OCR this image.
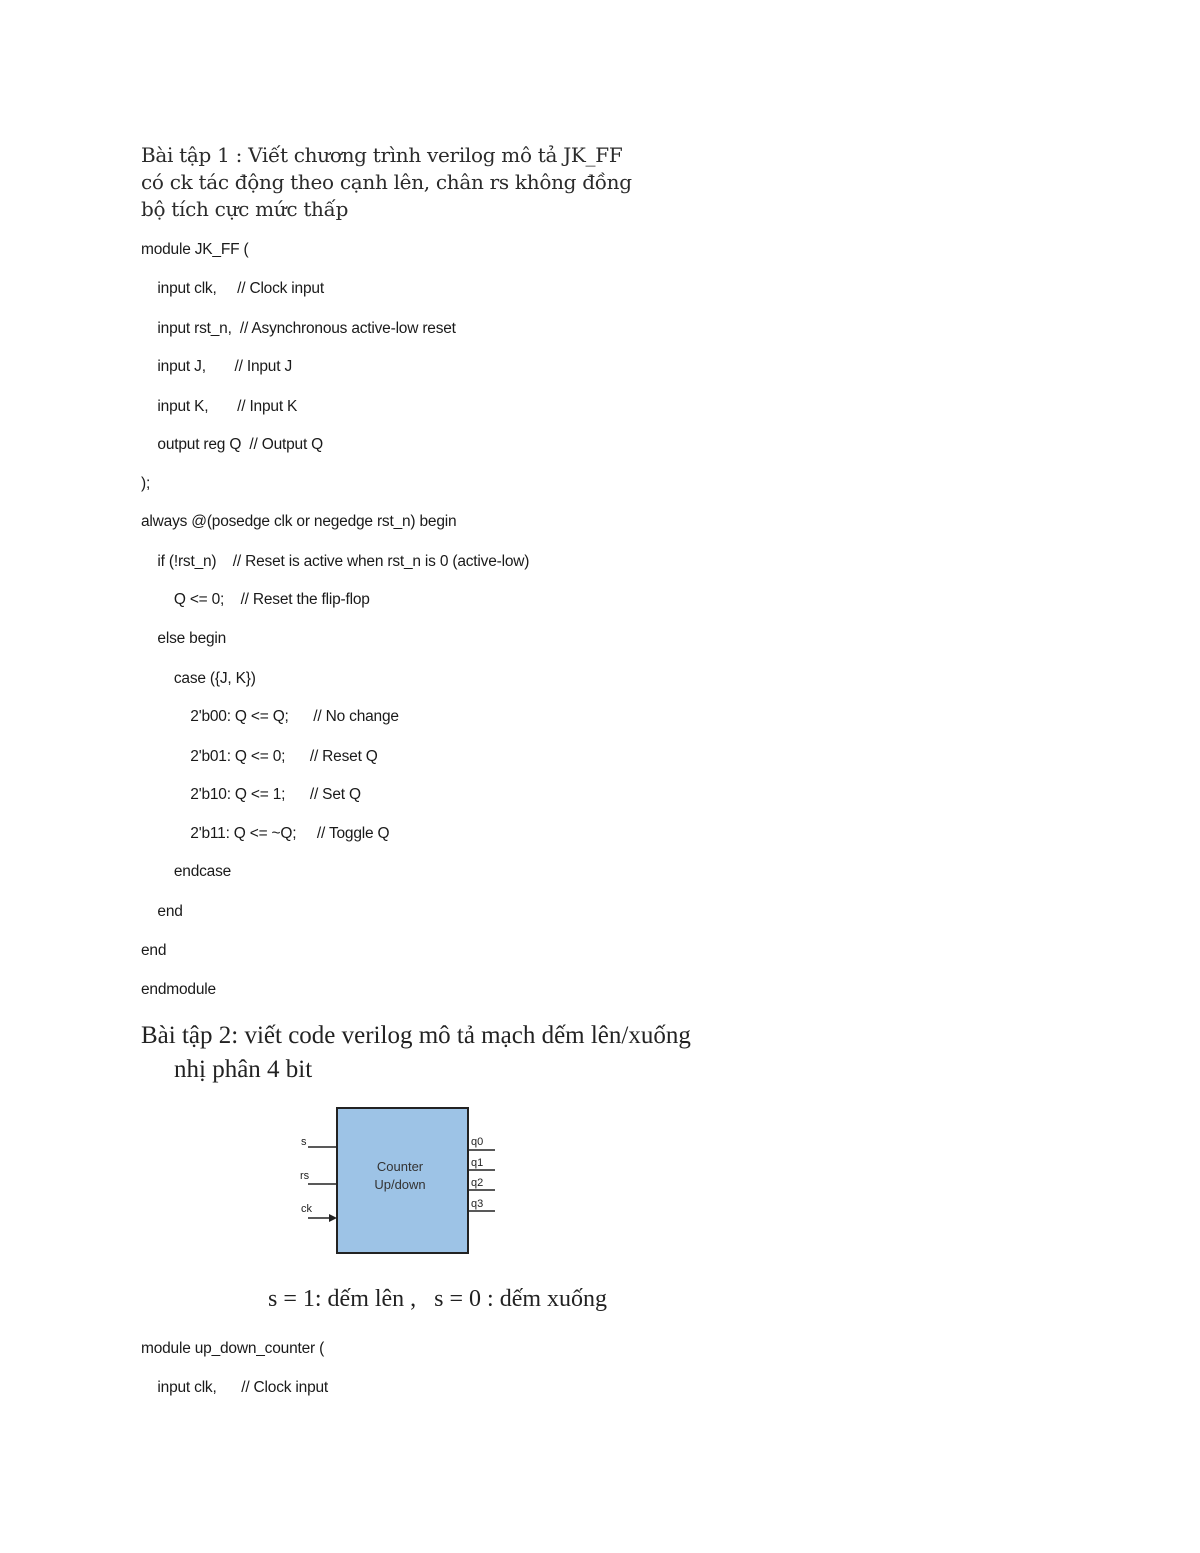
Bài tập 1 : Viết chương trình verilog mô tả JK_FF
có ck tác động theo cạnh lên, chân rs không đồng
bộ tích cực mức thấp
module JK_FF (
input clk,     // Clock input
input rst_n,  // Asynchronous active-low reset
input J,       // Input J
input K,       // Input K
output reg Q  // Output Q
);
always @(posedge clk or negedge rst_n) begin
if (!rst_n)    // Reset is active when rst_n is 0 (active-low)
Q <= 0;    // Reset the flip-flop
else begin
case ({J, K})
2'b00: Q <= Q;      // No change
2'b01: Q <= 0;      // Reset Q
2'b10: Q <= 1;      // Set Q
2'b11: Q <= ~Q;     // Toggle Q
endcase
end
end
endmodule
Bài tập 2: viết code verilog mô tả mạch dếm lên/xuống
nhị phân 4 bit
Counter
Up/down
s
rs
ck
q0
q1
q2
q3
s = 1: dếm lên ,   s = 0 : dếm xuống
module up_down_counter (
input clk,      // Clock input
